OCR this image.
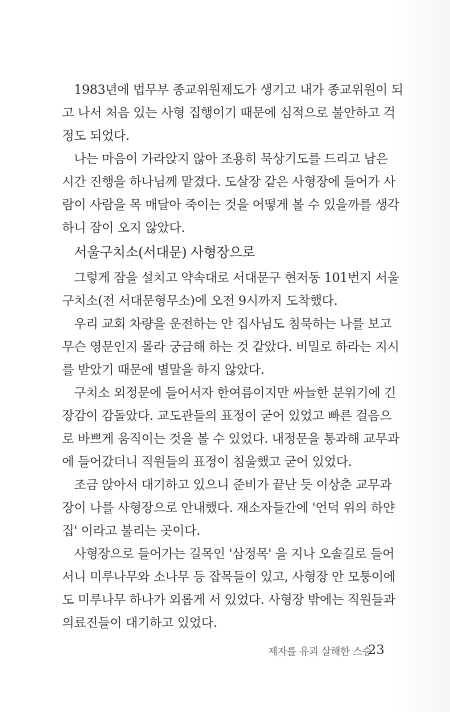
1983년에 법무부 종교위원제도가 생기고 내가 종교위원이 되
고 나서 처음 있는 사형 집행이기 때문에 심적으로 불안하고 걱
정도 되었다.
나는 마음이 가라앉지 않아 조용히 묵상기도를 드리고 남은
시간 진행을 하나님께 맡겼다. 도살장 같은 사형장에 들어가 사
람이 사람을 목 매달아 죽이는 것을 어떻게 볼 수 있을까를 생각
하니 잠이 오지 않았다.
서울구치소(서대문) 사형장으로
그렇게 잠을 설치고 약속대로 서대문구 현저동 101번지 서울
구치소(전 서대문형무소)에 오전 9시까지 도착했다.
우리 교회 차량을 운전하는 안 집사님도 침묵하는 나를 보고
무슨 영문인지 몰라 궁금해 하는 것 같았다. 비밀로 하라는 지시
를 받았기 때문에 별말을 하지 않았다.
구치소 외정문에 들어서자 한여름이지만 싸늘한 분위기에 긴
장감이 감돌았다. 교도관들의 표정이 굳어 있었고 빠른 걸음으
로 바쁘게 움직이는 것을 볼 수 있었다. 내정문을 통과해 교무과
에 들어갔더니 직원들의 표정이 침울했고 굳어 있었다.
조금 앉아서 대기하고 있으니 준비가 끝난 듯 이상춘 교무과
장이 나를 사형장으로 안내했다. 재소자들간에 '언덕 위의 하얀
집' 이라고 불리는 곳이다.
사형장으로 들어가는 길목인 '삼정목' 을 지나 오솔길로 들어
서니 미루나무와 소나무 등 잡목들이 있고, 사형장 안 모퉁이에
도 미루나무 하나가 외롭게 서 있었다. 사형장 밖에는 직원들과
의료진들이 대기하고 있었다.
제자를 유괴 살해한 스승
23
